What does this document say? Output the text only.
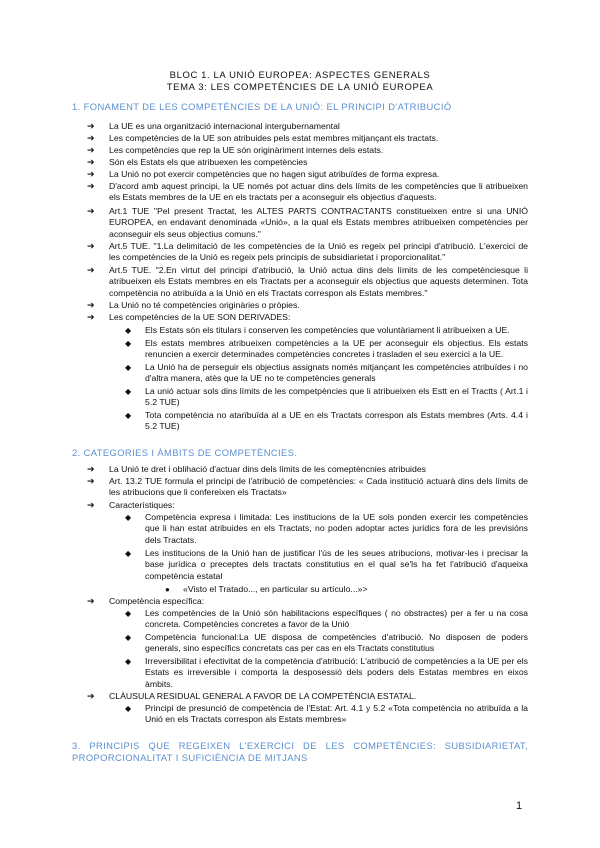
BLOC 1. LA UNIÓ EUROPEA: ASPECTES GENERALS
TEMA 3: LES COMPETÈNCIES DE LA UNIÓ EUROPEA
1. FONAMENT DE LES COMPETÈNCIES DE LA UNIÓ: EL PRINCIPI D'ATRIBUCIÓ
➔ La UE es una organització internacional intergubernamental
➔ Les competències de la UE son atribuides pels estat membres mitjançant els tractats.
➔ Les competències que rep la UE són originàriment internes dels estats.
➔ Són els Estats els que atribuexen les competències
➔ La Unió no pot exercir competències que no hagen sigut atribuïdes de forma expresa.
➔ D'acord amb aquest principi, la UE només pot actuar dins dels límits de les competències que li atribueixen els Estats membres de la UE en els tractats per a aconseguir els objectius d'aquests.
➔ Art.1 TUE "Pel present Tractat, les ALTES PARTS CONTRACTANTS constitueixen entre si una UNIÓ EUROPEA, en endavant denominada «Unió», a la qual els Estats membres atribueixen competències per aconseguir els seus objectius comuns."
➔ Art.5 TUE. "1.La delimitació de les competències de la Unió es regeix pel principi d'atribució. L'exercici de les competències de la Unió es regeix pels principis de subsidiarietat i proporcionalitat."
➔ Art.5 TUE. "2.En virtut del principi d'atribució, la Unió actua dins dels límits de les competènciesque li atribueixen els Estats membres en els Tractats per a aconseguir els objectius que aquests determinen. Tota competència no atribuïda a la Unió en els Tractats correspon als Estats membres."
➔ La Unió no té competències originàries o pròpies.
➔ Les competències de la UE SON DERIVADES:
◆ Els Estats són els titulars i conserven les competències que voluntàriament li atribueixen a UE.
◆ Els estats membres atribueixen competències a la UE per aconseguir els objectius. Els estats renuncien a exercir determinades competències concretes i trasladen el seu exercici a la UE.
◆ La Unió ha de perseguir els objectius assignats només mitjançant les competències atribuïdes i no d'altra manera, atès que la UE no te competències generals
◆ La unió actuar sols dins límits de les competpències que li atribueixen els Estt en el Tractts ( Art.1 i 5.2 TUE)
◆ Tota competència no atarïbuïda al a UE en els Tractats correspon als Estats membres (Arts. 4.4 i 5.2 TUE)
2. CATEGORIES I ÀMBITS DE COMPETÈNCIES.
➔ La Unió te dret i oblihació d'actuar dins dels límits de les comeptèncnies atribuides
➔ Art. 13.2 TUE formula el principi de l'atribució de competències: « Cada institució actuarà dins dels límits de les atribucions que li confereixen els Tractats»
➔ Característiques:
◆ Competència expresa i limitada: Les institucions de la UE sols ponden exercir les competències que li han estat atribuides en els Tractats, no poden adoptar actes jurídics fora de les previsións dels Tractats.
◆ Les institucions de la Unió han de justificar l'ús de les seues atribucions, motivar-les i precisar la base jurídica o preceptes dels tractats constitutius en el qual se'ls ha fet l'atribució d'aqueixa competència estatal
● «Visto el Tratado..., en particular su artículo...»>
➔ Competència específica:
◆ Les competències de la Unió són habilitacions específiques ( no obstractes) per a fer u na cosa concreta. Competències concretes a favor de la Unió
◆ Competència funcional:La UE disposa de competències d'atribució. No disposen de poders generals, sino específics concretats cas per cas en els Tractats constitutius
◆ Irreversibilitat i efectivitat de la competència d'atribució: L'atribució de competències a la UE per els Estats es irreversible i comporta la desposessió dels poders dels Estatas membres en eixos àmbits.
➔ CLÀUSULA RESIDUAL GENERAL A FAVOR DE LA COMPETÈNCIA ESTATAL.
◆ Principi de presunció de competència de l'Estat: Art. 4.1 y 5.2 «Tota competència no atribuïda a la Unió en els Tractats correspon als Estats membres»
3. PRINCIPIS QUE REGEIXEN L'EXERCICI DE LES COMPETÈNCIES: SUBSIDIARIETAT,
PROPORCIONALITAT I SUFICIÈNCIA DE MITJANS
1
